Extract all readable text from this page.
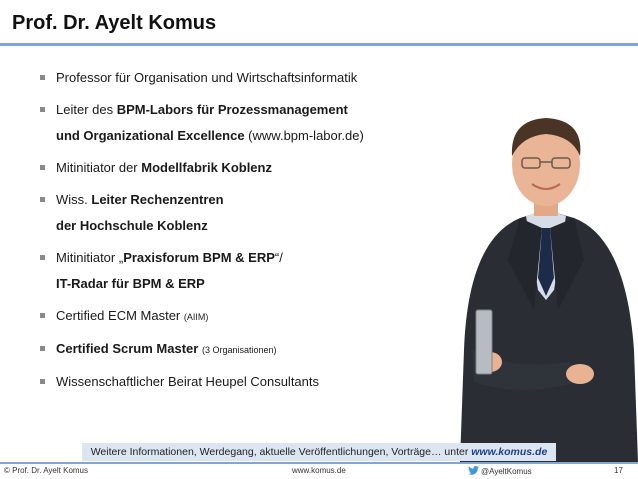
Prof. Dr. Ayelt Komus
Professor für Organisation und Wirtschaftsinformatik
Leiter des BPM-Labors für Prozessmanagement
und Organizational Excellence (www.bpm-labor.de)
Mitinitiator der Modellfabrik Koblenz
Wiss. Leiter Rechenzentren
der Hochschule Koblenz
Mitinitiator „Praxisforum BPM & ERP“/
IT-Radar für BPM & ERP
Certified ECM Master (AIIM)
Certified Scrum Master (3 Organisationen)
Wissenschaftlicher Beirat Heupel Consultants
Weitere Informationen, Werdegang, aktuelle Veröffentlichungen, Vorträge… unter www.komus.de
© Prof. Dr. Ayelt Komus	www.komus.de	@AyeltKomus	17
